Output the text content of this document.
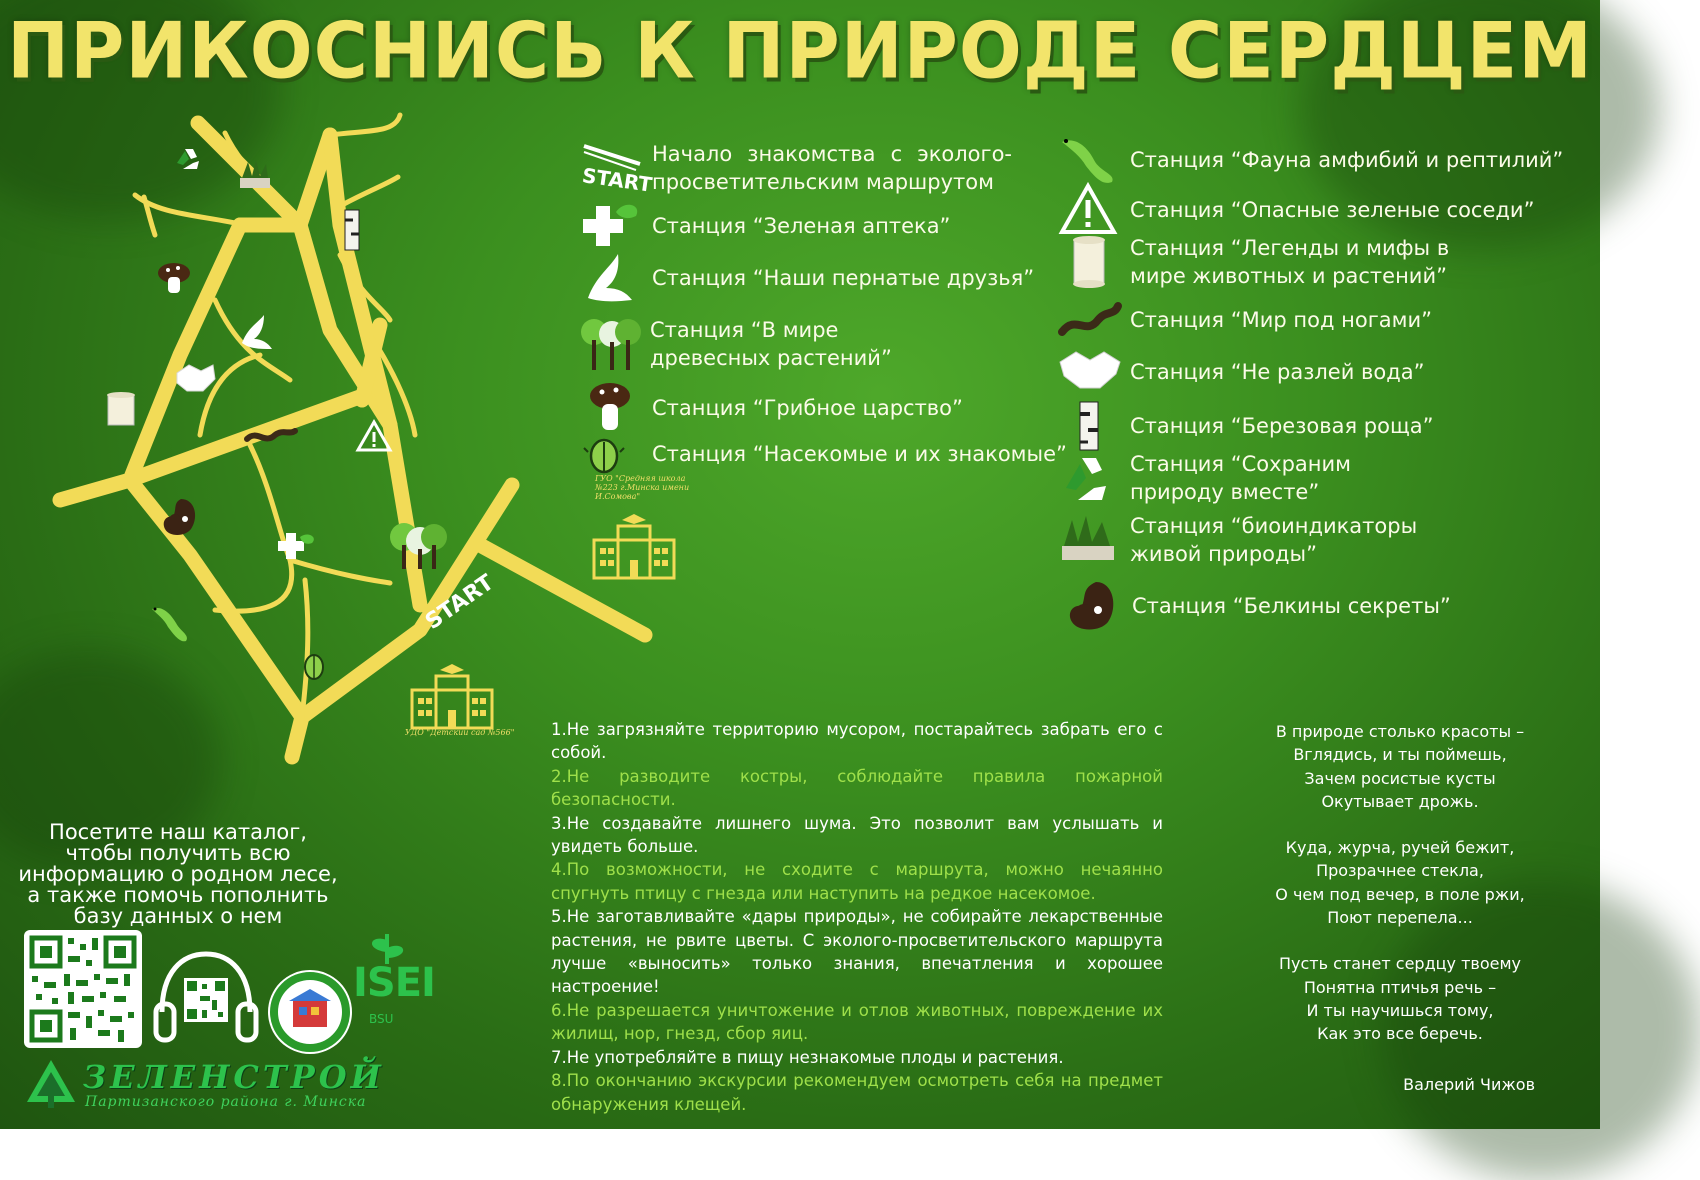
ПРИКОСНИСЬ К ПРИРОДЕ СЕРДЦЕМ
START
ГУО "Средняя школа №223 г.Минска имени И.Сомова"
УДО "Детский сад №566"
START
Начало знакомства с эколого-просветительским маршрутом
Станция “Зеленая аптека”
Станция “Наши пернатые друзья”
Станция “В мире древесных растений”
Станция “Грибное царство”
Станция “Насекомые и их знакомые”
Станция “Фауна амфибий и рептилий”
Станция “Опасные зеленые соседи”
Станция “Легенды и мифы в мире животных и растений”
Станция “Мир под ногами”
Станция “Не разлей вода”
Станция “Березовая роща”
Станция “Сохраним природу вместе”
Станция “биоиндикаторы живой природы”
Станция “Белкины секреты”

1.Не загрязняйте территорию мусором, постарайтесь забрать его с собой.

2.Не разводите костры, соблюдайте правила пожарной безопасности.

3.Не создавайте лишнего шума. Это позволит вам услышать и увидеть больше.

4.По возможности, не сходите с маршрута, можно нечаянно спугнуть птицу с гнезда или наступить на редкое насекомое.

5.Не заготавливайте «дары природы», не собирайте лекарственные растения, не рвите цветы. С эколого-просветительского маршрута лучше «выносить» только знания, впечатления и хорошее настроение!

6.Не разрешается уничтожение и отлов животных, повреждение их жилищ, нор, гнезд, сбор яиц.

7.Не употребляйте в пищу незнакомые плоды и растения.

8.По окончанию экскурсии рекомендуем осмотреть себя на предмет обнаружения клещей.

В природе столько красоты –
Вглядись, и ты поймешь,
Зачем росистые кусты
Окутывает дрожь.
Куда, журча, ручей бежит,
Прозрачнее стекла,
О чем под вечер, в поле ржи,
Поют перепела...
Пусть станет сердцу твоему
Понятна птичья речь –
И ты научишься тому,
Как это все беречь.
Валерий Чижов
Посетите наш каталог, чтобы получить всю информацию о родном лесе, а также помочь пополнить базу данных о нем
ISEI
BSU
ЗЕЛЕНСТРОЙ
Партизанского района г. Минска
